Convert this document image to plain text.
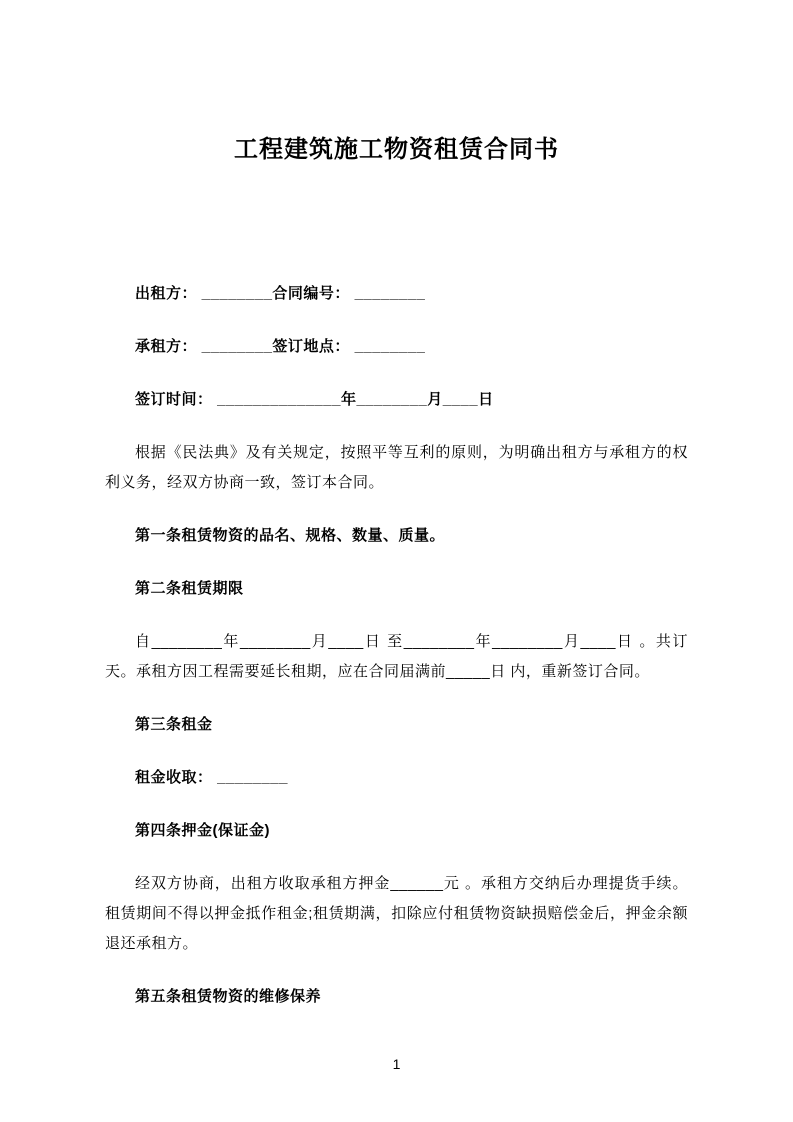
工程建筑施工物资租赁合同书

出租方： ________合同编号： ________

承租方： ________签订地点： ________

签订时间： ______________年________月____日

根据《民法典》及有关规定，按照平等互利的原则，为明确出租方与承租方的权利义务，经双方协商一致，签订本合同。

第一条租赁物资的品名、规格、数量、质量。

第二条租赁期限

自________年________月____日 至________年________月____日 。共订天。承租方因工程需要延长租期，应在合同届满前_____日 内，重新签订合同。

第三条租金

租金收取： ________

第四条押金(保证金)

经双方协商，出租方收取承租方押金______元 。承租方交纳后办理提货手续。租赁期间不得以押金抵作租金;租赁期满，扣除应付租赁物资缺损赔偿金后，押金余额退还承租方。

第五条租赁物资的维修保养

1
